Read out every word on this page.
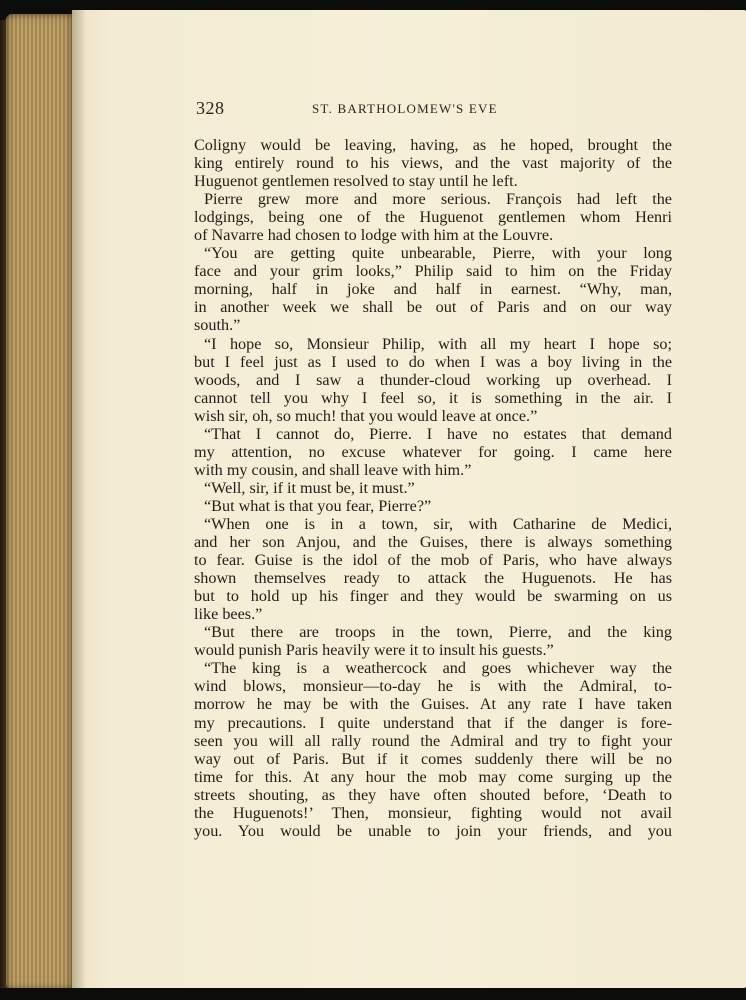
328	ST. BARTHOLOMEW'S EVE
Coligny would be leaving, having, as he hoped, brought the
king entirely round to his views, and the vast majority of the
Huguenot gentlemen resolved to stay until he left.
Pierre grew more and more serious. François had left the
lodgings, being one of the Huguenot gentlemen whom Henri
of Navarre had chosen to lodge with him at the Louvre.
“You are getting quite unbearable, Pierre, with your long
face and your grim looks,” Philip said to him on the Friday
morning, half in joke and half in earnest. “Why, man,
in another week we shall be out of Paris and on our way
south.”
“I hope so, Monsieur Philip, with all my heart I hope so;
but I feel just as I used to do when I was a boy living in the
woods, and I saw a thunder-cloud working up overhead. I
cannot tell you why I feel so, it is something in the air. I
wish sir, oh, so much! that you would leave at once.”
“That I cannot do, Pierre. I have no estates that demand
my attention, no excuse whatever for going. I came here
with my cousin, and shall leave with him.”
“Well, sir, if it must be, it must.”
“But what is that you fear, Pierre?”
“When one is in a town, sir, with Catharine de Medici,
and her son Anjou, and the Guises, there is always something
to fear. Guise is the idol of the mob of Paris, who have always
shown themselves ready to attack the Huguenots. He has
but to hold up his finger and they would be swarming on us
like bees.”
“But there are troops in the town, Pierre, and the king
would punish Paris heavily were it to insult his guests.”
“The king is a weathercock and goes whichever way the
wind blows, monsieur—to-day he is with the Admiral, to-
morrow he may be with the Guises. At any rate I have taken
my precautions. I quite understand that if the danger is fore-
seen you will all rally round the Admiral and try to fight your
way out of Paris. But if it comes suddenly there will be no
time for this. At any hour the mob may come surging up the
streets shouting, as they have often shouted before, ‘Death to
the Huguenots!’ Then, monsieur, fighting would not avail
you. You would be unable to join your friends, and you
